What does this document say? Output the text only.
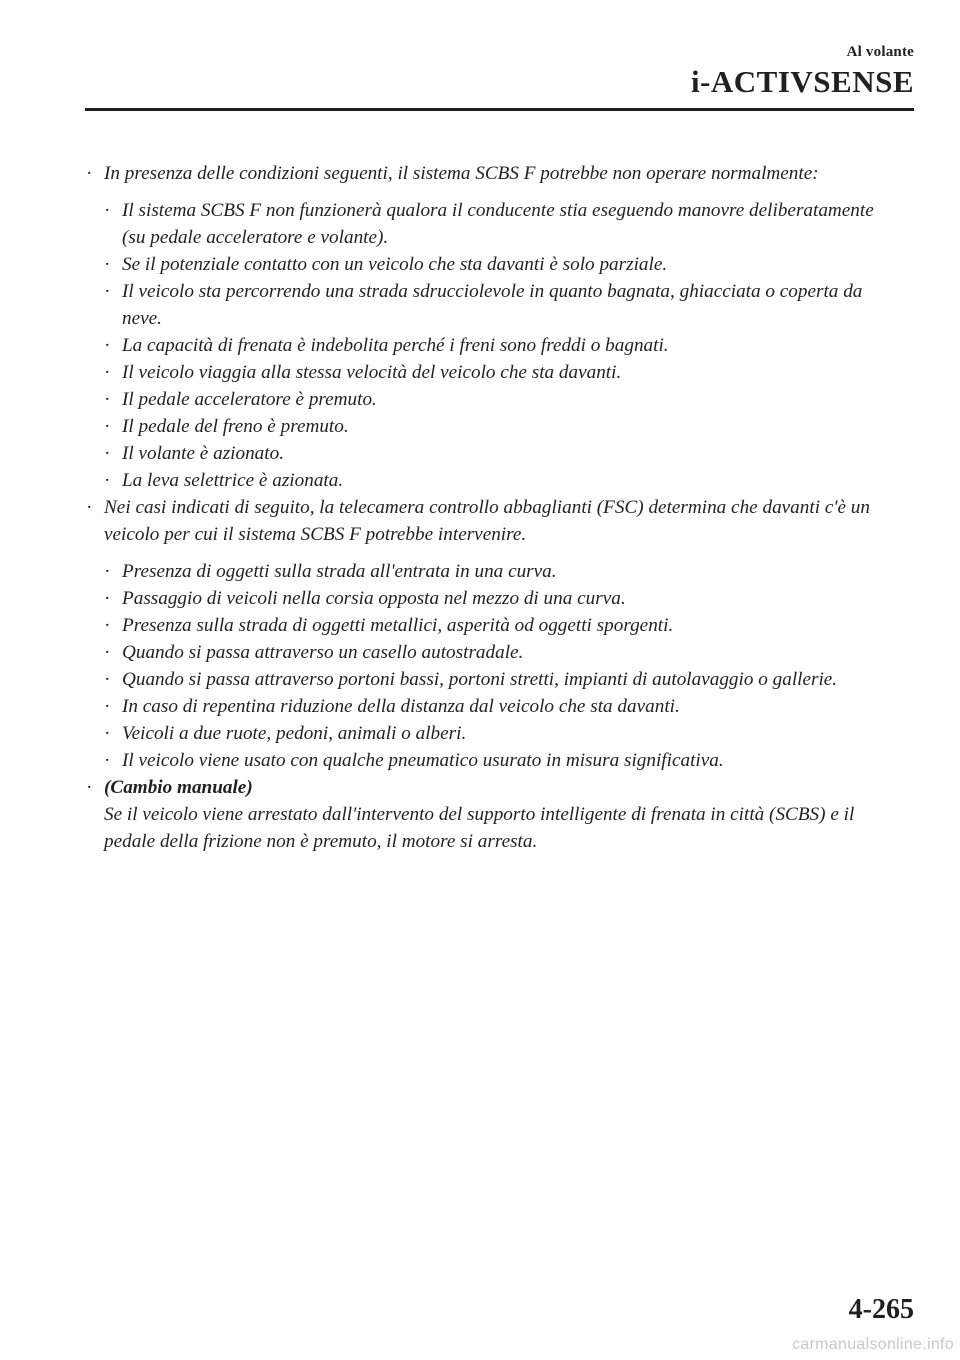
Al volante
i-ACTIVSENSE
· In presenza delle condizioni seguenti, il sistema SCBS F potrebbe non operare normalmente:
· Il sistema SCBS F non funzionerà qualora il conducente stia eseguendo manovre deliberatamente (su pedale acceleratore e volante).
· Se il potenziale contatto con un veicolo che sta davanti è solo parziale.
· Il veicolo sta percorrendo una strada sdrucciolevole in quanto bagnata, ghiacciata o coperta da neve.
· La capacità di frenata è indebolita perché i freni sono freddi o bagnati.
· Il veicolo viaggia alla stessa velocità del veicolo che sta davanti.
· Il pedale acceleratore è premuto.
· Il pedale del freno è premuto.
· Il volante è azionato.
· La leva selettrice è azionata.
· Nei casi indicati di seguito, la telecamera controllo abbaglianti (FSC) determina che davanti c'è un veicolo per cui il sistema SCBS F potrebbe intervenire.
· Presenza di oggetti sulla strada all'entrata in una curva.
· Passaggio di veicoli nella corsia opposta nel mezzo di una curva.
· Presenza sulla strada di oggetti metallici, asperità od oggetti sporgenti.
· Quando si passa attraverso un casello autostradale.
· Quando si passa attraverso portoni bassi, portoni stretti, impianti di autolavaggio o gallerie.
· In caso di repentina riduzione della distanza dal veicolo che sta davanti.
· Veicoli a due ruote, pedoni, animali o alberi.
· Il veicolo viene usato con qualche pneumatico usurato in misura significativa.
· (Cambio manuale)
Se il veicolo viene arrestato dall'intervento del supporto intelligente di frenata in città (SCBS) e il pedale della frizione non è premuto, il motore si arresta.
4-265
carmanualsonline.info
